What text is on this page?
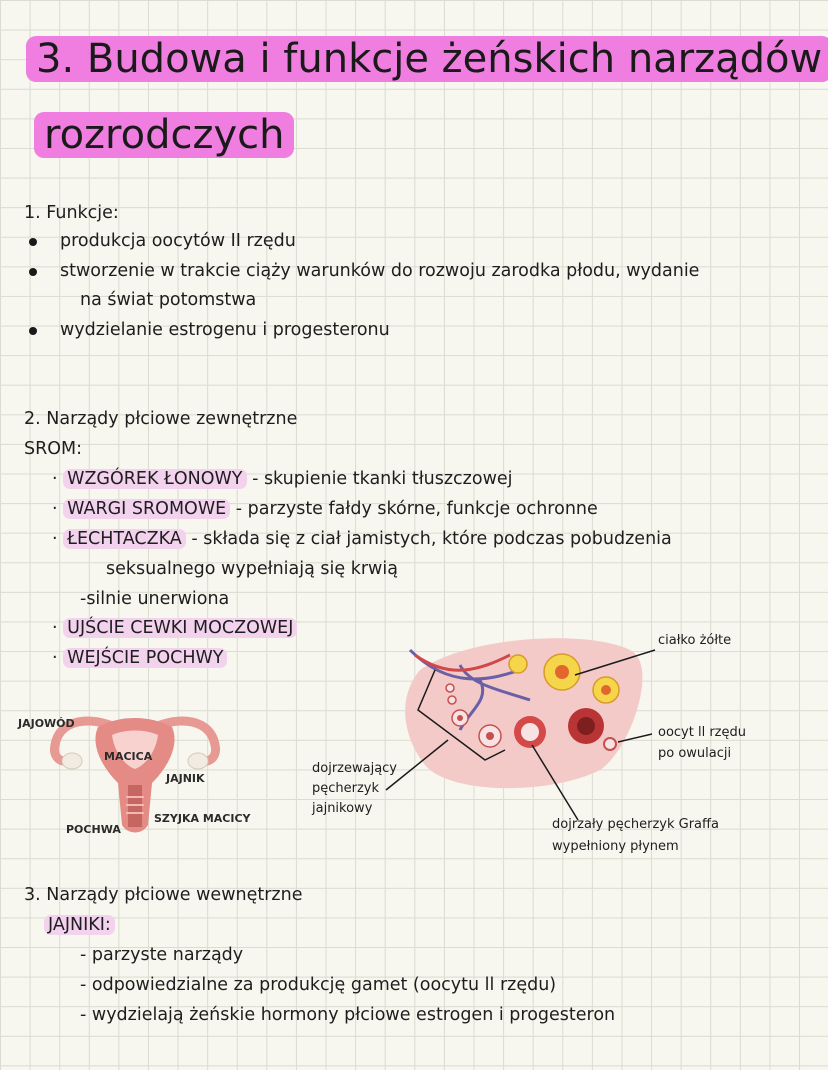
3. Budowa i funkcje żeńskich narządów
rozrodczych
1. Funkcje:
produkcja oocytów II rzędu
stworzenie w trakcie ciąży warunków do rozwoju zarodka płodu, wydanie
na świat potomstwa
wydzielanie estrogenu i progesteronu
2. Narządy płciowe zewnętrzne
SROM:
· WZGÓREK ŁONOWY - skupienie tkanki tłuszczowej
· WARGI SROMOWE - parzyste fałdy skórne, funkcje ochronne
· ŁECHTACZKA - składa się z ciał jamistych, które podczas pobudzenia
seksualnego wypełniają się krwią
-silnie unerwiona
· UJŚCIE CEWKI MOCZOWEJ
· WEJŚCIE POCHWY
JAJOWÓD
MACICA
JAJNIK
SZYJKA MACICY
POCHWA
ciałko żółte
oocyt ll rzędu
po owulacji
dojrzewający
pęcherzyk
jajnikowy
dojrzały pęcherzyk Graffa
wypełniony płynem
3. Narządy płciowe wewnętrzne
JAJNIKI:
- parzyste narządy
- odpowiedzialne za produkcję gamet (oocytu ll rzędu)
- wydzielają żeńskie hormony płciowe estrogen i progesteron
